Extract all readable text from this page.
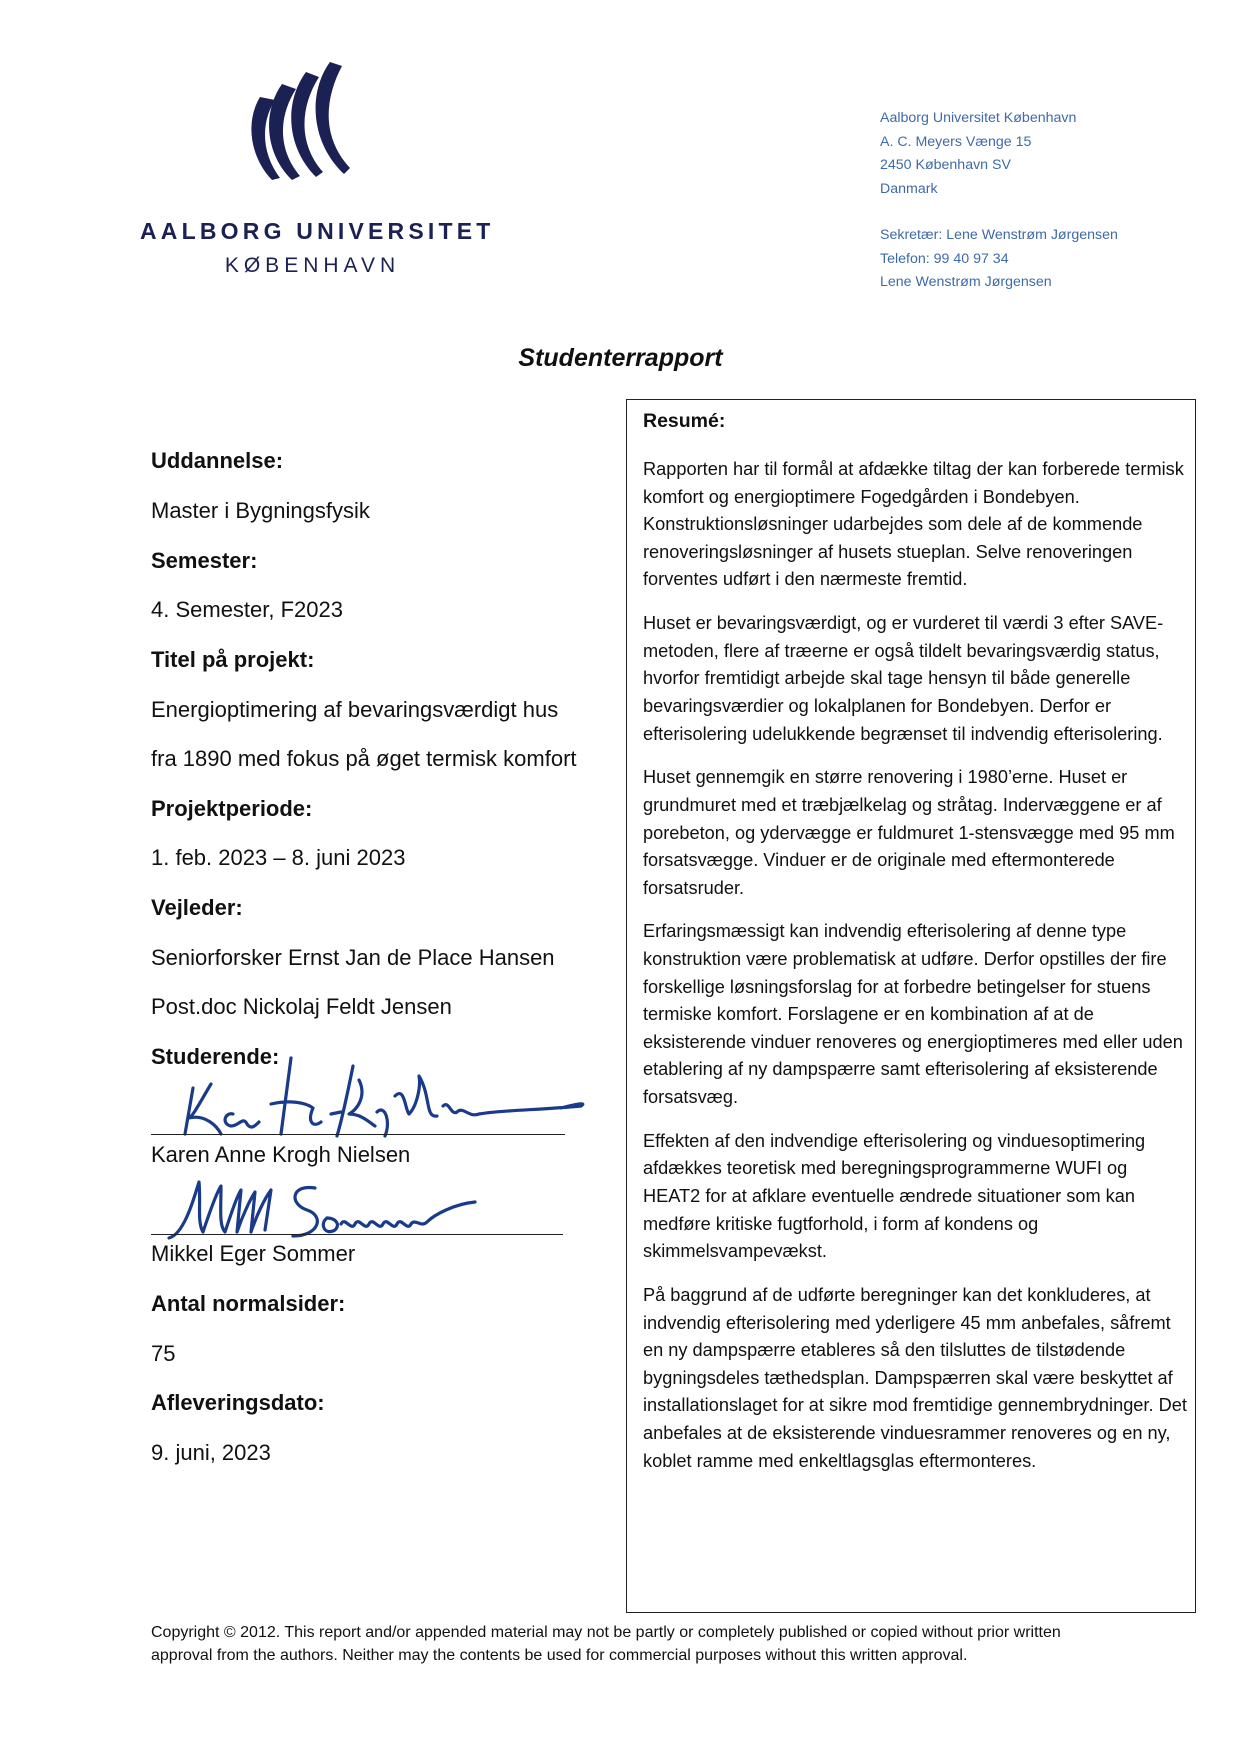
AALBORG UNIVERSITET
KØBENHAVN
Aalborg Universitet København
A. C. Meyers Vænge 15
2450 København SV
Danmark
Sekretær: Lene Wenstrøm Jørgensen
Telefon: 99 40 97 34
Lene Wenstrøm Jørgensen
Studenterrapport
Uddannelse:
Master i Bygningsfysik
Semester:
4. Semester, F2023
Titel på projekt:
Energioptimering af bevaringsværdigt hus
fra 1890 med fokus på øget termisk komfort
Projektperiode:
1. feb. 2023 – 8. juni 2023
Vejleder:
Seniorforsker Ernst Jan de Place Hansen
Post.doc Nickolaj Feldt Jensen
Studerende:
Karen Anne Krogh Nielsen
Mikkel Eger Sommer
Antal normalsider:
75
Afleveringsdato:
9. juni, 2023
Resumé:

Rapporten har til formål at afdække tiltag der kan forberede termisk komfort og energioptimere Fogedgården i Bondebyen. Konstruktionsløsninger udarbejdes som dele af de kommende renoveringsløsninger af husets stueplan. Selve renoveringen forventes udført i den nærmeste fremtid.

Huset er bevaringsværdigt, og er vurderet til værdi 3 efter SAVE-metoden, flere af træerne er også tildelt bevaringsværdig status, hvorfor fremtidigt arbejde skal tage hensyn til både generelle bevaringsværdier og lokalplanen for Bondebyen. Derfor er efterisolering udelukkende begrænset til indvendig efterisolering.

Huset gennemgik en større renovering i 1980’erne. Huset er grundmuret med et træbjælkelag og stråtag. Indervæggene er af porebeton, og ydervægge er fuldmuret 1-stensvægge med 95 mm forsatsvægge. Vinduer er de originale med eftermonterede forsatsruder.

Erfaringsmæssigt kan indvendig efterisolering af denne type konstruktion være problematisk at udføre. Derfor opstilles der fire forskellige løsningsforslag for at forbedre betingelser for stuens termiske komfort. Forslagene er en kombination af at de eksisterende vinduer renoveres og energioptimeres med eller uden etablering af ny dampspærre samt efterisolering af eksisterende forsatsvæg.

Effekten af den indvendige efterisolering og vinduesoptimering afdækkes teoretisk med beregningsprogrammerne WUFI og HEAT2 for at afklare eventuelle ændrede situationer som kan medføre kritiske fugtforhold, i form af kondens og skimmelsvampevækst.

På baggrund af de udførte beregninger kan det konkluderes, at indvendig efterisolering med yderligere 45 mm anbefales, såfremt en ny dampspærre etableres så den tilsluttes de tilstødende bygningsdeles tæthedsplan. Dampspærren skal være beskyttet af installationslaget for at sikre mod fremtidige gennembrydninger. Det anbefales at de eksisterende vinduesrammer renoveres og en ny, koblet ramme med enkeltlagsglas eftermonteres.

Copyright © 2012. This report and/or appended material may not be partly or completely published or copied without prior written approval from the authors. Neither may the contents be used for commercial purposes without this written approval.
